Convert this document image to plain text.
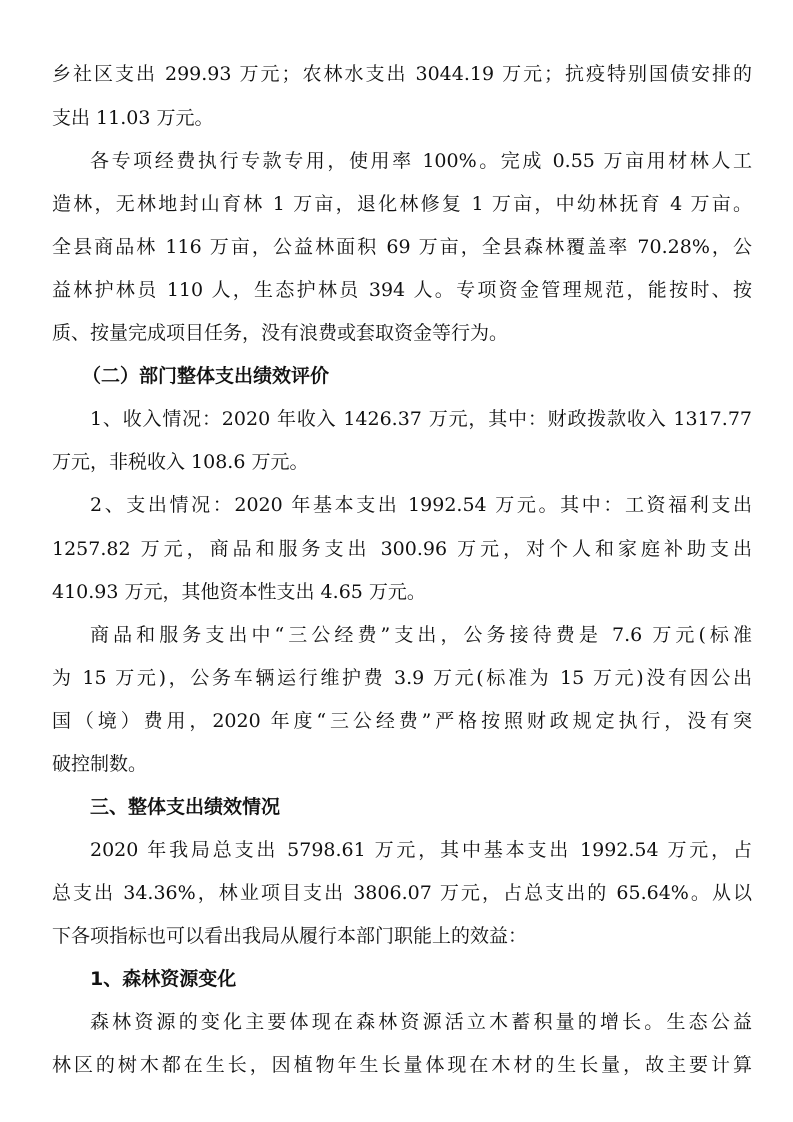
乡社区支出 299.93 万元；农林水支出 3044.19 万元；抗疫特别国债安排的

支出 11.03 万元。

各专项经费执行专款专用，使用率 100%。完成 0.55 万亩用材林人工

造林，无林地封山育林 1 万亩，退化林修复 1 万亩，中幼林抚育 4 万亩。

全县商品林 116 万亩，公益林面积 69 万亩，全县森林覆盖率 70.28%，公

益林护林员 110 人，生态护林员 394 人。专项资金管理规范，能按时、按

质、按量完成项目任务，没有浪费或套取资金等行为。

（二）部门整体支出绩效评价

1、收入情况：2020 年收入 1426.37 万元，其中：财政拨款收入 1317.77

万元，非税收入 108.6 万元。

2、支出情况：2020 年基本支出 1992.54 万元。其中：工资福利支出

1257.82 万元，商品和服务支出 300.96 万元，对个人和家庭补助支出

410.93 万元，其他资本性支出 4.65 万元。

商品和服务支出中“三公经费”支出，公务接待费是 7.6 万元(标准

为 15 万元)，公务车辆运行维护费 3.9 万元(标准为 15 万元)没有因公出

国（境）费用，2020 年度“三公经费”严格按照财政规定执行，没有突

破控制数。

三、整体支出绩效情况

2020 年我局总支出 5798.61 万元，其中基本支出 1992.54 万元，占

总支出 34.36%，林业项目支出 3806.07 万元，占总支出的 65.64%。从以

下各项指标也可以看出我局从履行本部门职能上的效益：

1、森林资源变化

森林资源的变化主要体现在森林资源活立木蓄积量的增长。生态公益

林区的树木都在生长，因植物年生长量体现在木材的生长量，故主要计算
